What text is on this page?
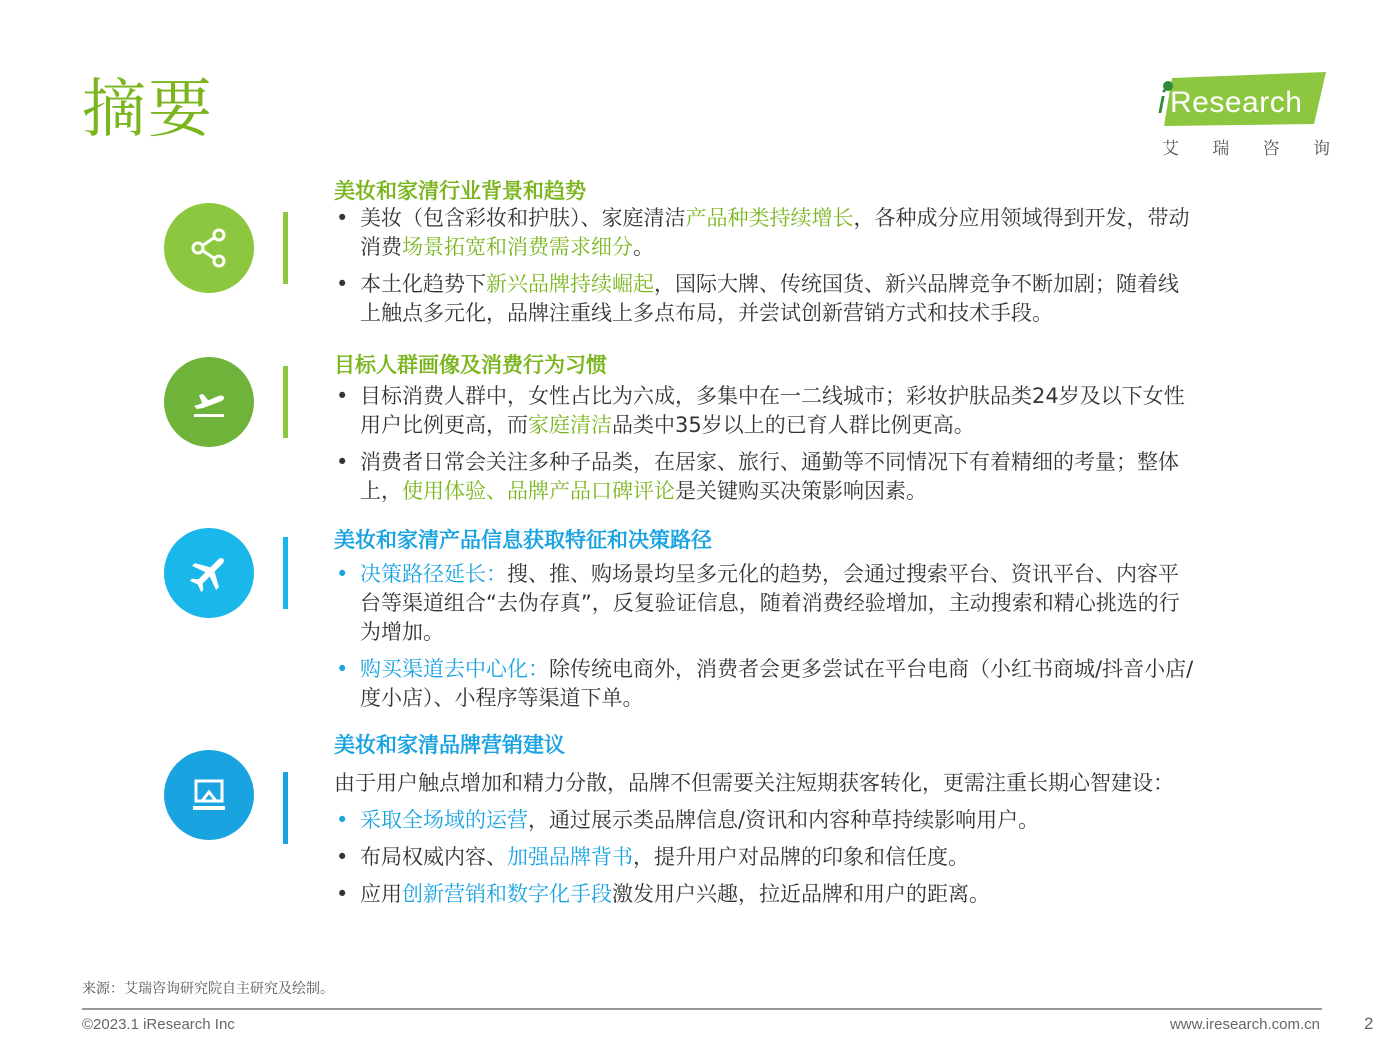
摘要	i Research
艾 瑞 咨 询
美妆和家清行业背景和趋势
• 美妆（包含彩妆和护肤）、家庭清洁产品种类持续增长，各种成分应用领域得到开发，带动消费场景拓宽和消费需求细分。
• 本土化趋势下新兴品牌持续崛起，国际大牌、传统国货、新兴品牌竞争不断加剧；随着线上触点多元化，品牌注重线上多点布局，并尝试创新营销方式和技术手段。
目标人群画像及消费行为习惯
• 目标消费人群中，女性占比为六成，多集中在一二线城市；彩妆护肤品类24岁及以下女性用户比例更高，而家庭清洁品类中35岁以上的已育人群比例更高。
• 消费者日常会关注多种子品类，在居家、旅行、通勤等不同情况下有着精细的考量；整体上，使用体验、品牌产品口碑评论是关键购买决策影响因素。
美妆和家清产品信息获取特征和决策路径
• 决策路径延长：搜、推、购场景均呈多元化的趋势，会通过搜索平台、资讯平台、内容平台等渠道组合“去伪存真”，反复验证信息，随着消费经验增加，主动搜索和精心挑选的行为增加。
• 购买渠道去中心化：除传统电商外，消费者会更多尝试在平台电商（小红书商城/抖音小店/度小店）、小程序等渠道下单。
美妆和家清品牌营销建议
由于用户触点增加和精力分散，品牌不但需要关注短期获客转化，更需注重长期心智建设：
• 采取全场域的运营，通过展示类品牌信息/资讯和内容种草持续影响用户。
• 布局权威内容、加强品牌背书，提升用户对品牌的印象和信任度。
• 应用创新营销和数字化手段激发用户兴趣，拉近品牌和用户的距离。
来源：艾瑞咨询研究院自主研究及绘制。
©2023.1 iResearch Inc	www.iresearch.com.cn	2
